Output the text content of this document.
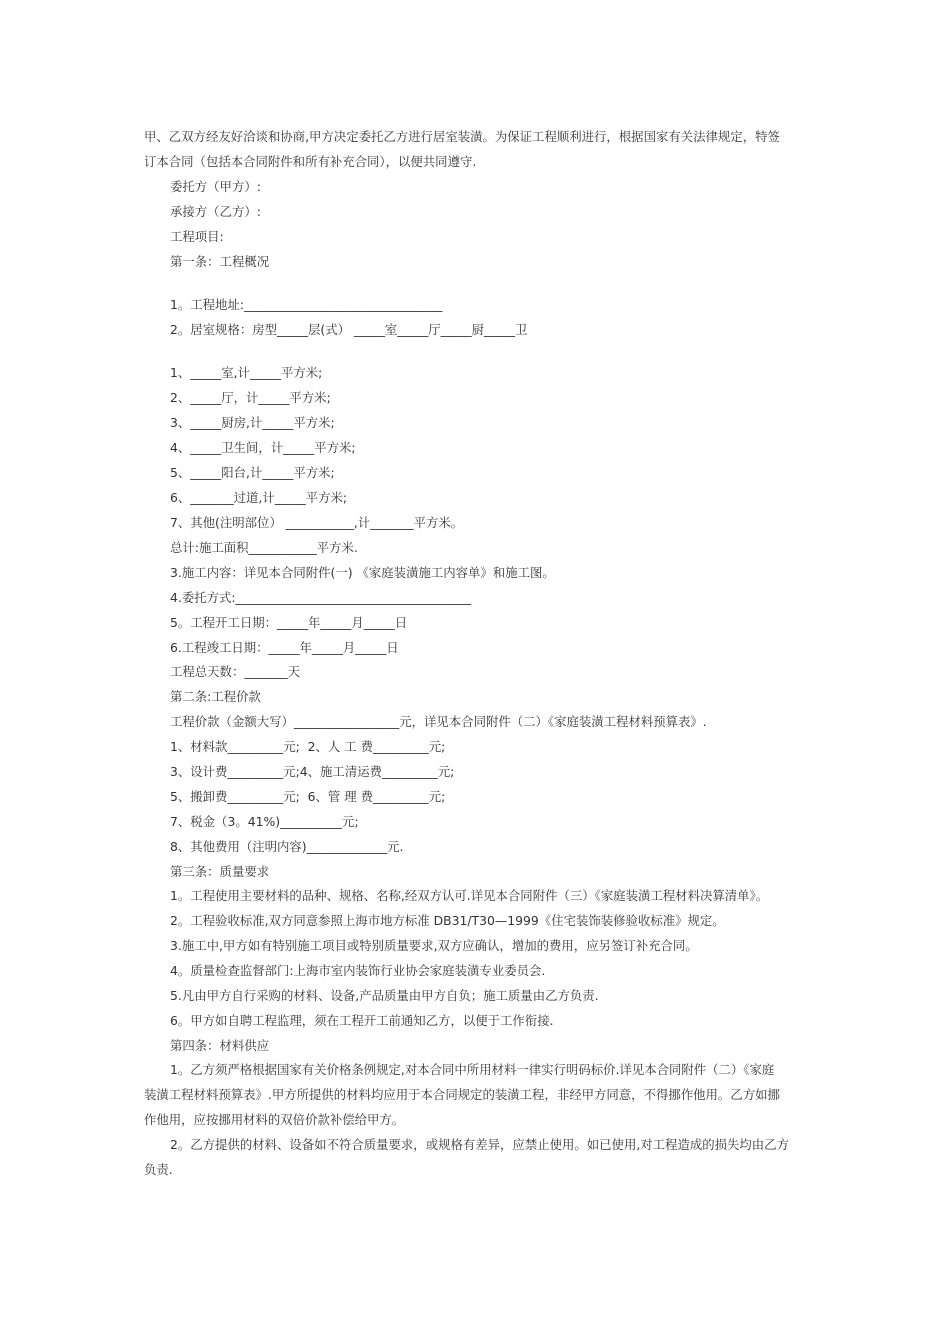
甲、乙双方经友好洽谈和协商,甲方决定委托乙方进行居室装潢。为保证工程顺利进行，根据国家有关法律规定，特签
订本合同（包括本合同附件和所有补充合同），以便共同遵守.
委托方（甲方）:
承接方（乙方）:
工程项目:
第一条：工程概况
1。工程地址:________________________________
2。居室规格：房型_____层(式） _____室_____厅_____厨_____卫
1、_____室,计_____平方米;
2、_____厅，计_____平方米;
3、_____厨房,计_____平方米;
4、_____卫生间，计_____平方米;
5、_____阳台,计_____平方米;
6、_______过道,计_____平方米;
7、其他(注明部位） ___________,计_______平方米。
总计:施工面积___________平方米.
3.施工内容：详见本合同附件(一) 《家庭装潢施工内容单》和施工图。
4.委托方式:______________________________________
5。工程开工日期：_____年_____月_____日
6.工程竣工日期：_____年_____月_____日
工程总天数：_______天
第二条:工程价款
工程价款（金额大写）_________________元，详见本合同附件（二）《家庭装潢工程材料预算表》.
1、材料款_________元;  2、人 工 费_________元;
3、设计费_________元;4、施工清运费_________元;
5、搬卸费_________元;  6、管 理 费_________元;
7、税金（3。41%)__________元;
8、其他费用（注明内容)_____________元.
第三条：质量要求
1。工程使用主要材料的品种、规格、名称,经双方认可.详见本合同附件（三）《家庭装潢工程材料决算清单》。
2。工程验收标准,双方同意参照上海市地方标准 DB31/T30—1999《住宅装饰装修验收标准》规定。
3.施工中,甲方如有特别施工项目或特别质量要求,双方应确认，增加的费用，应另签订补充合同。
4。质量检查监督部门:上海市室内装饰行业协会家庭装潢专业委员会.
5.凡由甲方自行采购的材料、设备,产品质量由甲方自负；施工质量由乙方负责.
6。甲方如自聘工程监理，须在工程开工前通知乙方，以便于工作衔接.
第四条：材料供应
1。乙方须严格根据国家有关价格条例规定,对本合同中所用材料一律实行明码标价.详见本合同附件（二）《家庭
装潢工程材料预算表》.甲方所提供的材料均应用于本合同规定的装潢工程，非经甲方同意，不得挪作他用。乙方如挪
作他用，应按挪用材料的双倍价款补偿给甲方。
2。乙方提供的材料、设备如不符合质量要求，或规格有差异，应禁止使用。如已使用,对工程造成的损失均由乙方
负责.
